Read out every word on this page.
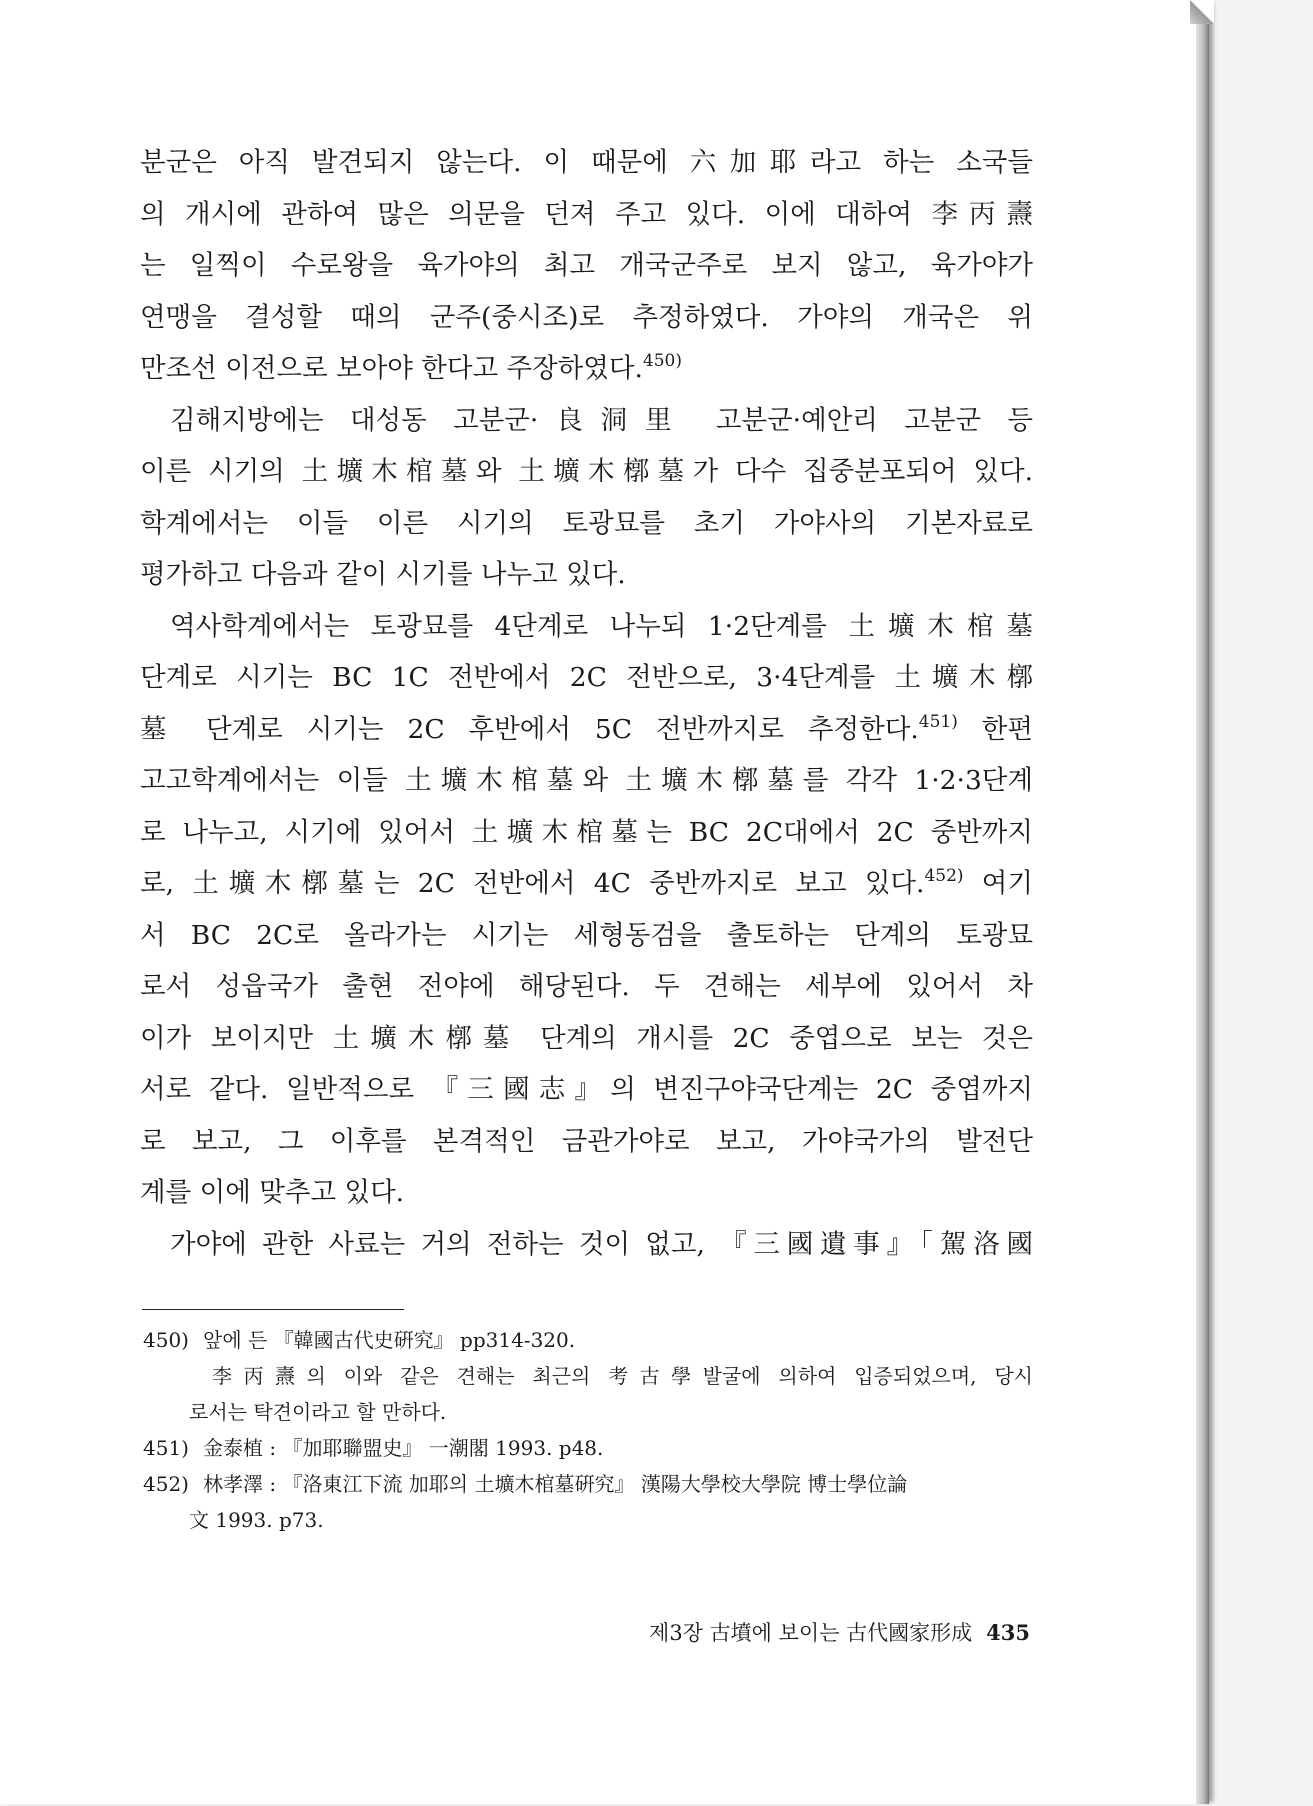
분군은 아직 발견되지 않는다. 이 때문에 六加耶라고 하는 소국들
의 개시에 관하여 많은 의문을 던져 주고 있다. 이에 대하여 李丙燾
는 일찍이 수로왕을 육가야의 최고 개국군주로 보지 않고, 육가야가
연맹을 결성할 때의 군주(중시조)로 추정하였다. 가야의 개국은 위
만조선 이전으로 보아야 한다고 주장하였다.$^{450)}$
김해지방에는 대성동 고분군·良洞里 고분군·예안리 고분군 등
이른 시기의 土壙木棺墓와 土壙木槨墓가 다수 집중분포되어 있다.
학계에서는 이들 이른 시기의 토광묘를 초기 가야사의 기본자료로
평가하고 다음과 같이 시기를 나누고 있다.
역사학계에서는 토광묘를 4단계로 나누되 1·2단계를 土壙木棺墓
단계로 시기는 BC 1C 전반에서 2C 전반으로, 3·4단계를 土壙木槨
墓 단계로 시기는 2C 후반에서 5C 전반까지로 추정한다.$^{451)}$ 한편
고고학계에서는 이들 土壙木棺墓와 土壙木槨墓를 각각 1·2·3단계
로 나누고, 시기에 있어서 土壙木棺墓는 BC 2C대에서 2C 중반까지
로, 土壙木槨墓는 2C 전반에서 4C 중반까지로 보고 있다.$^{452)}$ 여기
서 BC 2C로 올라가는 시기는 세형동검을 출토하는 단계의 토광묘
로서 성읍국가 출현 전야에 해당된다. 두 견해는 세부에 있어서 차
이가 보이지만 土壙木槨墓 단계의 개시를 2C 중엽으로 보는 것은
서로 같다. 일반적으로 『三國志』의 변진구야국단계는 2C 중엽까지
로 보고, 그 이후를 본격적인 금관가야로 보고, 가야국가의 발전단
계를 이에 맞추고 있다.
가야에 관한 사료는 거의 전하는 것이 없고, 『三國遺事』「駕洛國
450) 앞에 든 『韓國古代史硏究』 pp314-320.
李丙燾의 이와 같은 견해는 최근의 考古學발굴에 의하여 입증되었으며, 당시
로서는 탁견이라고 할 만하다.
451) 金泰植 : 『加耶聯盟史』 一潮閣 1993. p48.
452) 林孝澤 : 『洛東江下流 加耶의 土壙木棺墓硏究』 漢陽大學校大學院 博士學位論
文 1993. p73.
제3장 古墳에 보이는 古代國家形成 435
